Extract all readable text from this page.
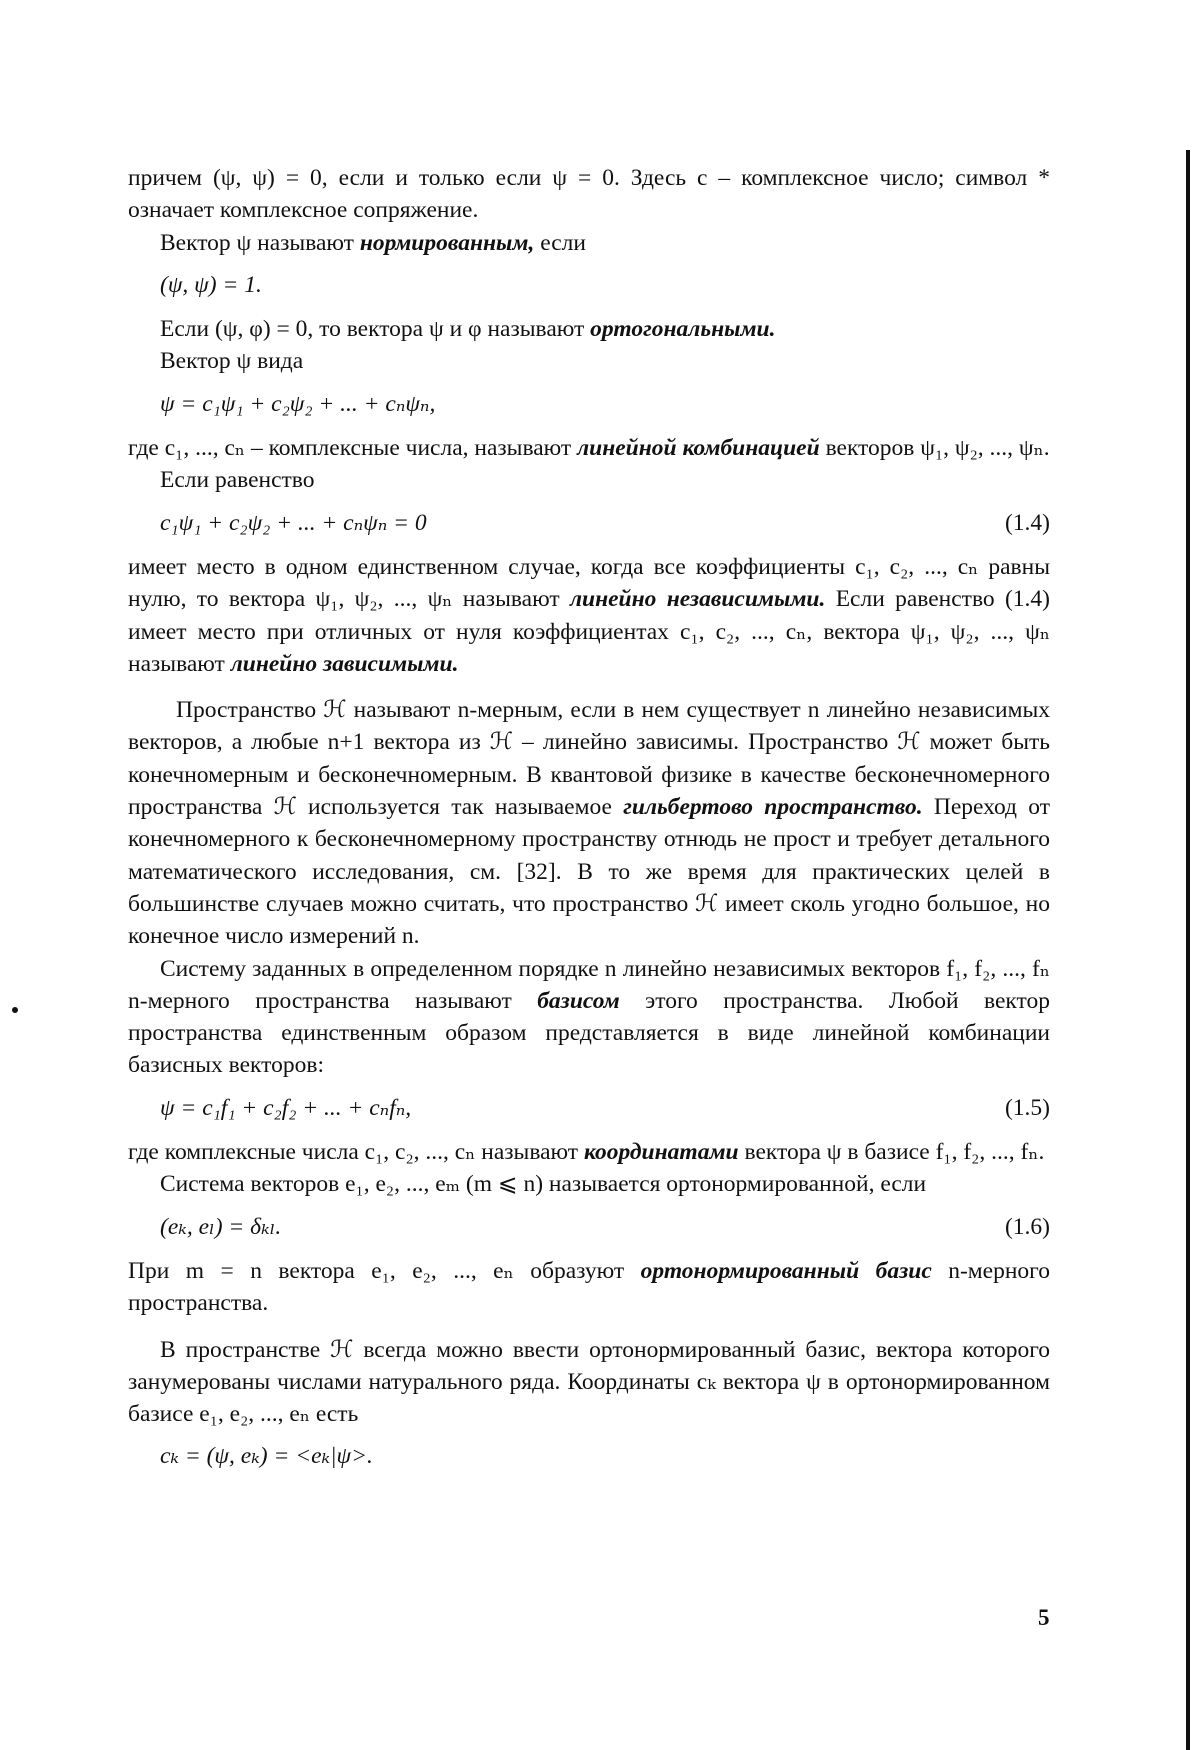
причем (ψ, ψ) = 0, если и только если ψ = 0. Здесь c – комплексное число; символ * означает комплексное сопряжение.

Вектор ψ называют нормированным, если

(ψ, ψ) = 1.

Если (ψ, φ) = 0, то вектора ψ и φ называют ортогональными.

Вектор ψ вида

ψ = c₁ψ₁ + c₂ψ₂ + ... + cₙψₙ,

где c₁, ..., cₙ – комплексные числа, называют линейной комбинацией векторов ψ₁, ψ₂, ..., ψₙ.

Если равенство

c₁ψ₁ + c₂ψ₂ + ... + cₙψₙ = 0	(1.4)

имеет место в одном единственном случае, когда все коэффициенты c₁, c₂, ..., cₙ равны нулю, то вектора ψ₁, ψ₂, ..., ψₙ называют линейно независимыми. Если равенство (1.4) имеет место при отличных от нуля коэффициентах c₁, c₂, ..., cₙ, вектора ψ₁, ψ₂, ..., ψₙ называют линейно зависимыми.

Пространство ℋ называют n-мерным, если в нем существует n линейно независимых векторов, а любые n+1 вектора из ℋ – линейно зависимы. Пространство ℋ может быть конечномерным и бесконечномерным. В квантовой физике в качестве бесконечномерного пространства ℋ используется так называемое гильбертово пространство. Переход от конечномерного к бесконечномерному пространству отнюдь не прост и требует детального математического исследования, см. [32]. В то же время для практических целей в большинстве случаев можно считать, что пространство ℋ имеет сколь угодно большое, но конечное число измерений n.

Систему заданных в определенном порядке n линейно независимых векторов f₁, f₂, ..., fₙ n-мерного пространства называют базисом этого пространства. Любой вектор пространства единственным образом представляется в виде линейной комбинации базисных векторов:

ψ = c₁f₁ + c₂f₂ + ... + cₙfₙ,	(1.5)

где комплексные числа c₁, c₂, ..., cₙ называют координатами вектора ψ в базисе f₁, f₂, ..., fₙ.

Система векторов e₁, e₂, ..., eₘ (m ⩽ n) называется ортонормированной, если

(eₖ, eₗ) = δₖₗ.	(1.6)

При m = n вектора e₁, e₂, ..., eₙ образуют ортонормированный базис n-мерного пространства.

В пространстве ℋ всегда можно ввести ортонормированный базис, вектора которого занумерованы числами натурального ряда. Координаты cₖ вектора ψ в ортонормированном базисе e₁, e₂, ..., eₙ есть

cₖ = (ψ, eₖ) = <eₖ|ψ>.
5
